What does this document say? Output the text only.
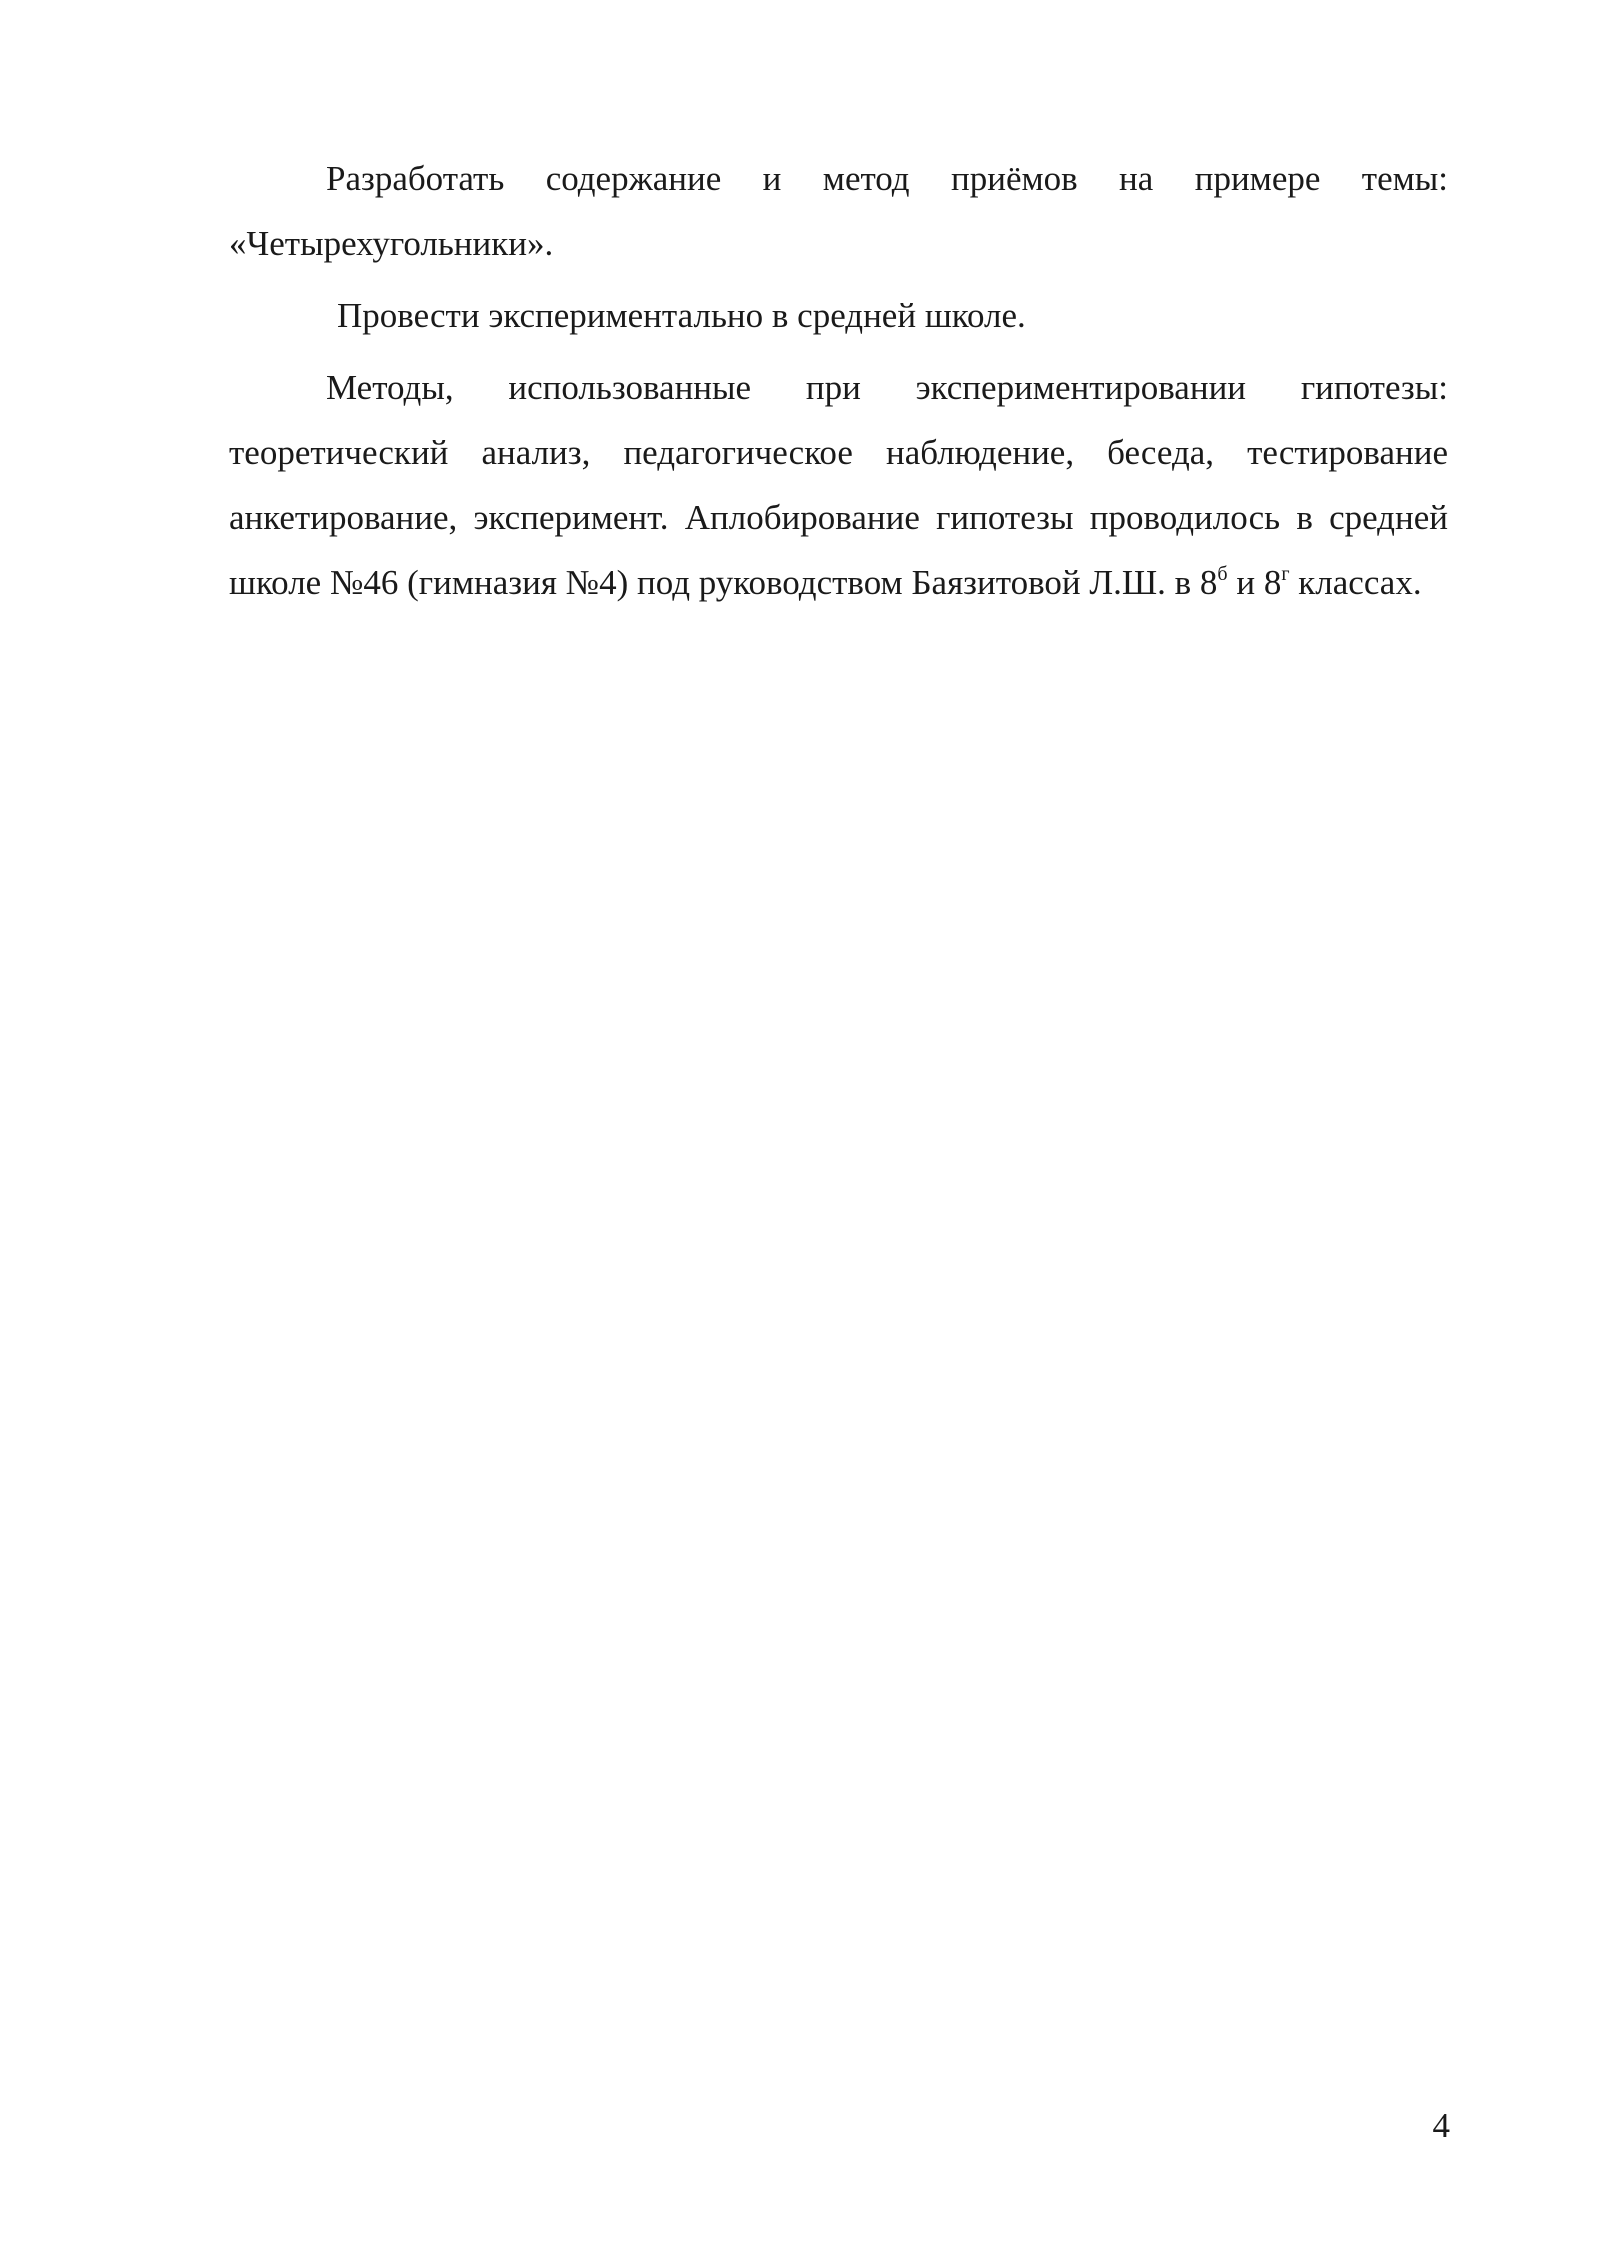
Разработать содержание и метод приёмов на примере темы: «Четырехугольники».

Провести экспериментально в средней школе.

Методы, использованные при экспериментировании гипотезы: теоретический анализ, педагогическое наблюдение, беседа, тестирование анкетирование, эксперимент. Аплобирование гипотезы проводилось в средней школе №46 (гимназия №4) под руководством Баязитовой Л.Ш. в $8^б$ и $8^г$ классах.

4
